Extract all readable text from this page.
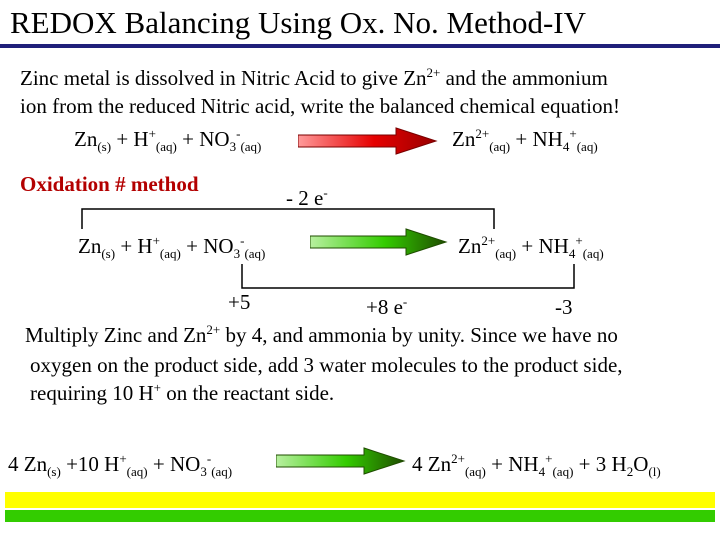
REDOX Balancing Using Ox. No. Method-IV
Zinc metal is dissolved in Nitric Acid to give $Zn^{2+}$ and the ammonium
ion from the reduced Nitric acid, write the balanced chemical equation!
$Zn_{(s)} + H^+_{(aq)} + NO_3^-_{(aq)}$	$Zn^{2+}_{(aq)} + NH_4^+_{(aq)}$
Oxidation # method
- 2 e-
$Zn_{(s)} + H^+_{(aq)} + NO_3^-_{(aq)}$	$Zn^{2+}_{(aq)} + NH_4^+_{(aq)}$
+5	+8 e-	-3
Multiply Zinc and $Zn^{2+}$ by 4, and ammonia by unity. Since we have no
oxygen on the product side, add 3 water molecules to the product side,
requiring 10 H+ on the reactant side.
4 $Zn_{(s)} +10$ $H^+_{(aq)} + NO_3^-_{(aq)}$	4 $Zn^{2+}_{(aq)} + NH_4^+_{(aq)} + 3$ $H_2O_{(l)}$
